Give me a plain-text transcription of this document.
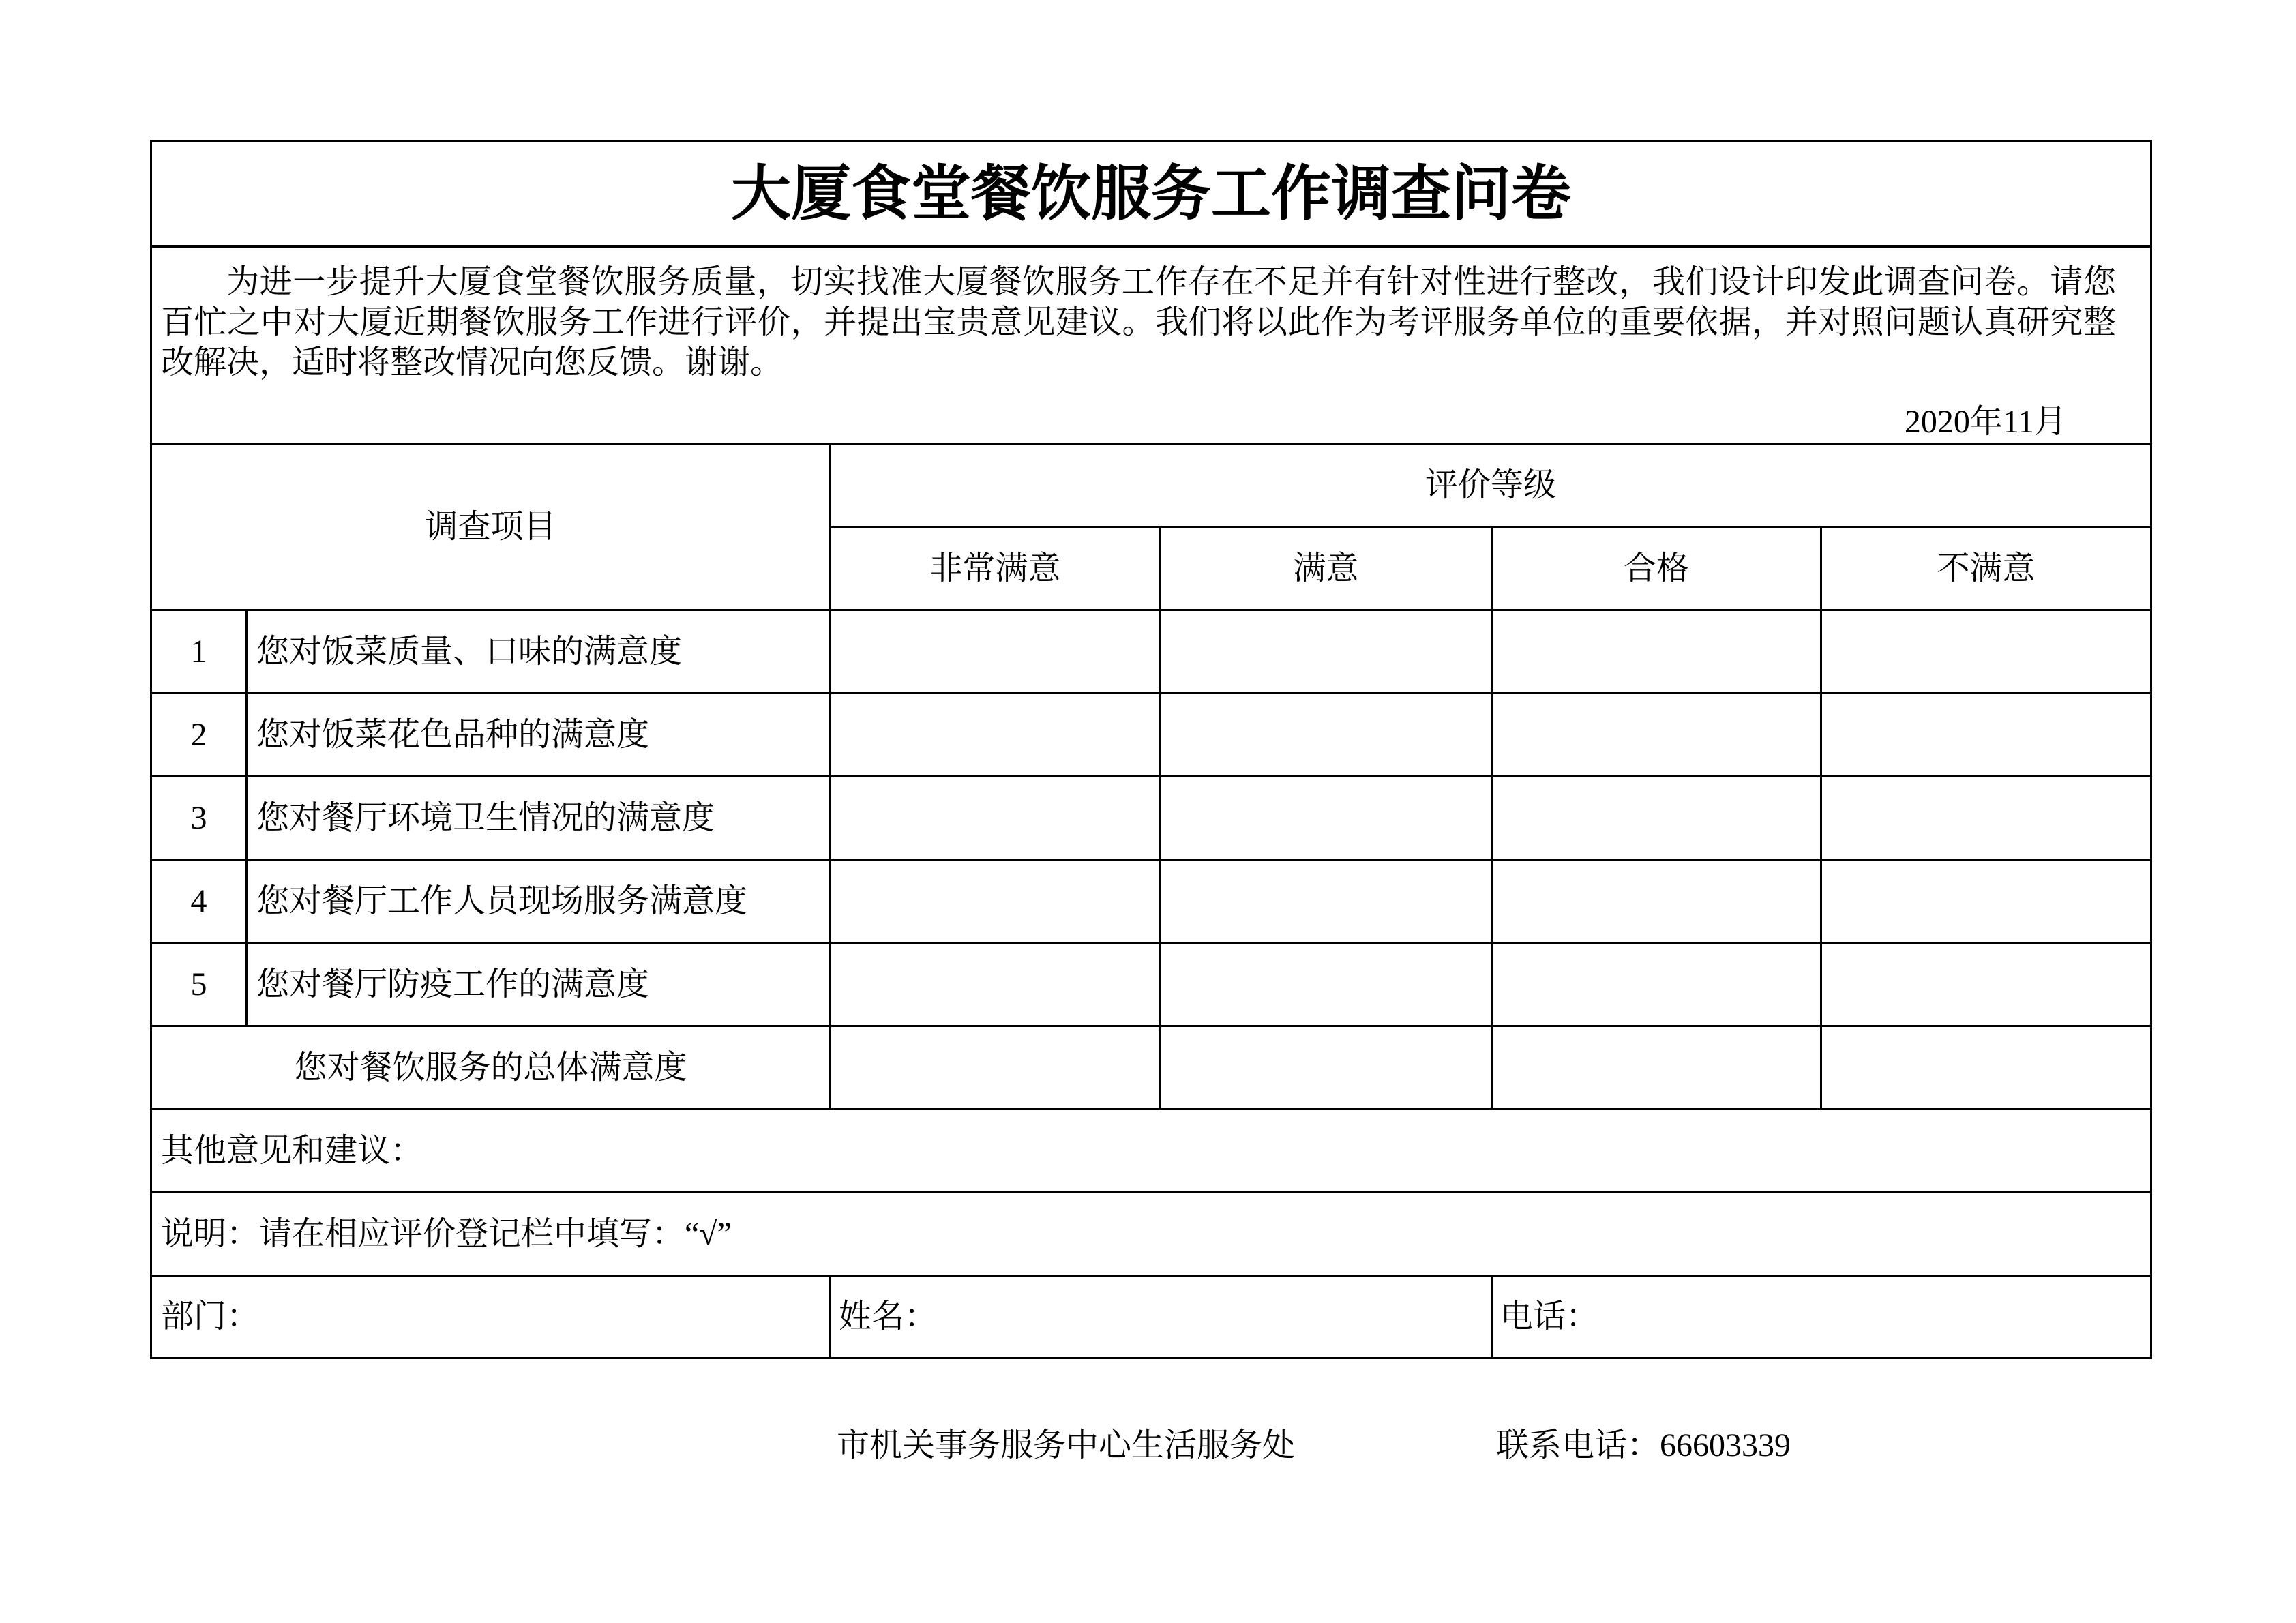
大厦食堂餐饮服务工作调查问卷					

为进一步提升大厦食堂餐饮服务质量，切实找准大厦餐饮服务工作存在不足并有针对性进行整改，我们设计印发此调查问卷。请您
百忙之中对大厦近期餐饮服务工作进行评价，并提出宝贵意见建议。我们将以此作为考评服务单位的重要依据，并对照问题认真研究整
改解决，适时将整改情况向您反馈。谢谢。
2020年11月					

调查项目		评价等级			
		非常满意	满意	合格	不满意
1	您对饭菜质量、口味的满意度				
2	您对饭菜花色品种的满意度				
3	您对餐厅环境卫生情况的满意度				
4	您对餐厅工作人员现场服务满意度				
5	您对餐厅防疫工作的满意度				
您对餐饮服务的总体满意度					
其他意见和建议：					
说明：请在相应评价登记栏中填写：“√”					
部门：		姓名：		电话：	
市机关事务服务中心生活服务处	联系电话：66603339
